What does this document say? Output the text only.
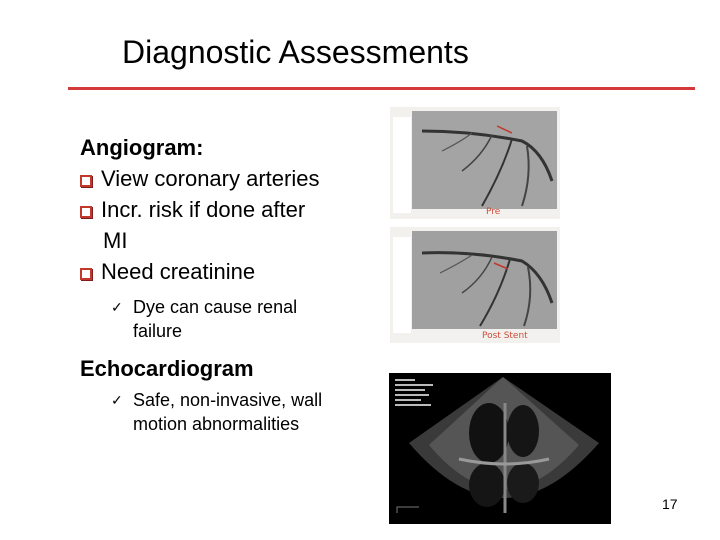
Diagnostic Assessments
Angiogram:
View coronary arteries
Incr. risk if done after
MI
Need creatinine
✓ Dye can cause renal
failure
Echocardiogram
✓ Safe, non-invasive, wall
motion abnormalities
Pre
Post Stent
17
